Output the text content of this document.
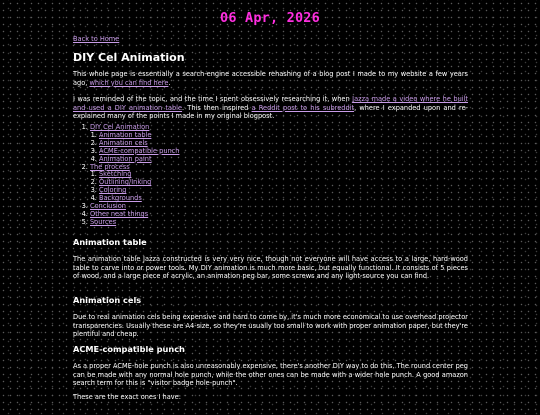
06 Apr, 2026
Back to Home
DIY Cel Animation

This whole page is essentially a search-engine accessible rehashing of a blog post I made to my website a few years ago, which you can find here.

I was reminded of the topic, and the time I spent obsessively researching it, when Jazza made a video where he built and used a DIY animation table. This then inspired a Reddit post to his subreddit, where I expanded upon and re-explained many of the points I made in my original blogpost.

1. DIY Cel Animation
1. Animation table
2. Animation cels
3. ACME-compatible punch
4. Animation paint
2. The process
1. Sketching
2. Outlining/Inking
3. Coloring
4. Backgrounds
3. Conclusion
4. Other neat things
5. Sources
Animation table

The animation table Jazza constructed is very very nice, though not everyone will have access to a large, hard-wood table to carve into or power tools. My DIY animation is much more basic, but equally functional. It consists of 5 pieces of wood, and a large piece of acrylic, an animation peg bar, some screws and any light-source you can find.

Animation cels

Due to real animation cels being expensive and hard to come by, it's much more economical to use overhead projector transparencies. Usually these are A4-size, so they're usually too small to work with proper animation paper, but they're plentiful and cheap.

ACME-compatible punch

As a proper ACME-hole punch is also unreasonably expensive, there's another DIY way to do this. The round center peg can be made with any normal hole punch, while the other ones can be made with a wider hole punch. A good amazon search term for this is "visitor badge hole-punch".

These are the exact ones I have:
